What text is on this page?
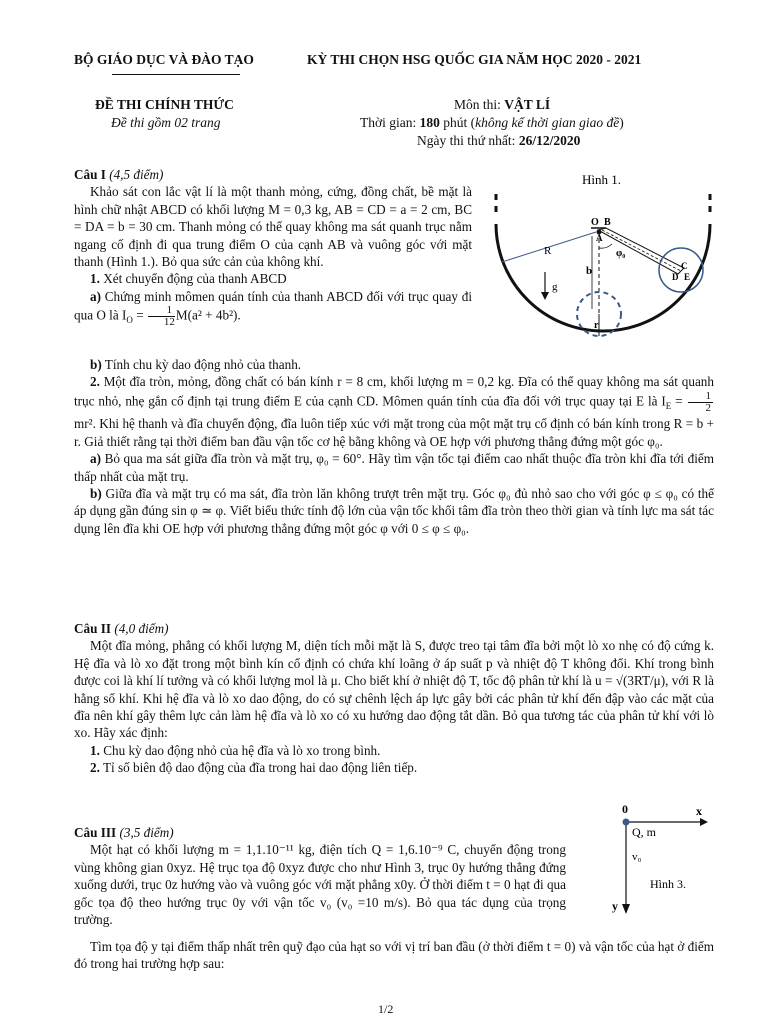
BỘ GIÁO DỤC VÀ ĐÀO TẠO	KỲ THI CHỌN HSG QUỐC GIA NĂM HỌC 2020 - 2021
ĐỀ THI CHÍNH THỨC
Đề thi gồm 02 trang
Môn thi: VẬT LÍ
Thời gian: 180 phút (không kể thời gian giao đề)
Ngày thi thứ nhất: 26/12/2020

Câu I (4,5 điểm)

Khảo sát con lắc vật lí là một thanh mỏng, cứng, đồng chất, bề mặt là hình chữ nhật ABCD có khối lượng M = 0,3 kg, AB = CD = a = 2 cm, BC = DA = b = 30 cm. Thanh mỏng có thể quay không ma sát quanh trục nằm ngang cố định đi qua trung điểm O của cạnh AB và vuông góc với mặt thanh (Hình 1.). Bỏ qua sức cản của không khí.

1. Xét chuyển động của thanh ABCD

a) Chứng minh mômen quán tính của thanh ABCD đối với trục quay đi qua O là $I_O = \frac{1}{12} M(a^2 + 4b^2)$.

b) Tính chu kỳ dao động nhỏ của thanh.

2. Một đĩa tròn, mỏng, đồng chất có bán kính r = 8 cm, khối lượng m = 0,2 kg. Đĩa có thể quay không ma sát quanh trục nhỏ, nhẹ gắn cố định tại trung điểm E của cạnh CD. Mômen quán tính của đĩa đối với trục quay tại E là $I_E = \frac{1}{2}$
mr². Khi hệ thanh và đĩa chuyển động, đĩa luôn tiếp xúc với mặt trong của một mặt trụ cố định có bán kính trong R = b + r. Giả thiết rằng tại thời điểm ban đầu vận tốc cơ hệ bằng không và OE hợp với phương thẳng đứng một góc φ₀.

a) Bỏ qua ma sát giữa đĩa tròn và mặt trụ, φ₀ = 60°. Hãy tìm vận tốc tại điểm cao nhất thuộc đĩa tròn khi đĩa tới điểm thấp nhất của mặt trụ.

b) Giữa đĩa và mặt trụ có ma sát, đĩa tròn lăn không trượt trên mặt trụ. Góc φ₀ đủ nhỏ sao cho với góc φ ≤ φ₀ có thể áp dụng gần đúng sin φ ≃ φ. Viết biểu thức tính độ lớn của vận tốc khối tâm đĩa tròn theo thời gian và tính lực ma sát tác dụng lên đĩa khi OE hợp với phương thẳng đứng một góc φ với 0 ≤ φ ≤ φ₀.

Hình 1.
R
O B
A
φ₀
b	C
D E
r
g

Câu II (4,0 điểm)

Một đĩa mỏng, phẳng có khối lượng M, diện tích mỗi mặt là S, được treo tại tâm đĩa bởi một lò xo nhẹ có độ cứng k. Hệ đĩa và lò xo đặt trong một bình kín cố định có chứa khí loãng ở áp suất p và nhiệt độ T không đổi. Khí trong bình được coi là khí lí tưởng và có khối lượng mol là μ. Cho biết khí ở nhiệt độ T, tốc độ phân tử khí là u = √(3RT/μ), với R là hằng số khí. Khi hệ đĩa và lò xo dao động, do có sự chênh lệch áp lực gây bởi các phân tử khí đến đập vào các mặt của đĩa nên khí gây thêm lực cản làm hệ đĩa và lò xo có xu hướng dao động tắt dần. Bỏ qua tương tác của phân tử khí với lò xo. Hãy xác định:

1. Chu kỳ dao động nhỏ của hệ đĩa và lò xo trong bình.

2. Tỉ số biên độ dao động của đĩa trong hai dao động liên tiếp.

Câu III (3,5 điểm)

Một hạt có khối lượng m = 1,1.10⁻¹¹ kg, điện tích Q = 1,6.10⁻⁹ C, chuyển động trong vùng không gian 0xyz. Hệ trục tọa độ 0xyz được cho như Hình 3, trục 0y hướng thẳng đứng xuống dưới, trục 0z hướng vào và vuông góc với mặt phẳng x0y. Ở thời điểm t = 0 hạt đi qua gốc tọa độ theo hướng trục 0y với vận tốc v₀ (v₀ =10 m/s). Bỏ qua tác dụng của trọng trường.

Tìm tọa độ y tại điểm thấp nhất trên quỹ đạo của hạt so với vị trí ban đầu (ở thời điểm t = 0) và vận tốc của hạt ở điểm đó trong hai trường hợp sau:

0	x
y
Q, m
v₀
Hình 3.
1/2
